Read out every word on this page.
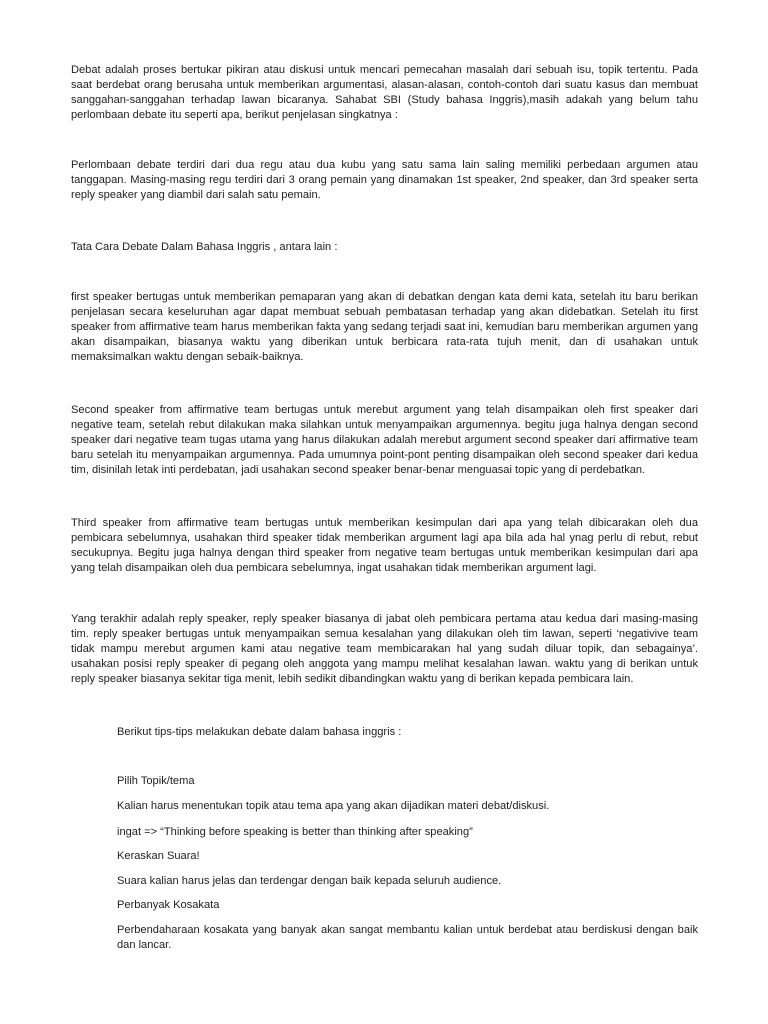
Debat adalah proses bertukar pikiran atau diskusi untuk mencari pemecahan masalah dari sebuah isu, topik tertentu. Pada saat berdebat orang berusaha untuk memberikan argumentasi, alasan-alasan, contoh-contoh dari suatu kasus dan membuat sanggahan-sanggahan terhadap lawan bicaranya. Sahabat SBI (Study bahasa Inggris),masih adakah yang belum tahu perlombaan debate itu seperti apa, berikut penjelasan singkatnya :

Perlombaan debate terdiri dari dua regu atau dua kubu yang satu sama lain saling memiliki perbedaan argumen atau tanggapan. Masing-masing regu terdiri dari 3 orang pemain yang dinamakan 1st speaker, 2nd speaker, dan 3rd speaker serta reply speaker yang diambil dari salah satu pemain.

Tata Cara Debate Dalam Bahasa Inggris , antara lain :

first speaker bertugas untuk memberikan pemaparan yang akan di debatkan dengan kata demi kata, setelah itu baru berikan penjelasan secara keseluruhan agar dapat membuat sebuah pembatasan terhadap yang akan didebatkan. Setelah itu first speaker from affirmative team harus memberikan fakta yang sedang terjadi saat ini, kemudian baru memberikan argumen yang akan disampaikan, biasanya waktu yang diberikan untuk berbicara rata-rata tujuh menit, dan di usahakan untuk memaksimalkan waktu dengan sebaik-baiknya.

Second speaker from affirmative team bertugas untuk merebut argument yang telah disampaikan oleh first speaker dari negative team, setelah rebut dilakukan maka silahkan untuk menyampaikan argumennya. begitu juga halnya dengan second speaker dari negative team tugas utama yang harus dilakukan adalah merebut argument second speaker dari affirmative team baru setelah itu menyampaikan argumennya. Pada umumnya point-pont penting disampaikan oleh second speaker dari kedua tim, disinilah letak inti perdebatan, jadi usahakan second speaker benar-benar menguasai topic yang di perdebatkan.

Third speaker from affirmative team bertugas untuk memberikan kesimpulan dari apa yang telah dibicarakan oleh dua pembicara sebelumnya, usahakan third speaker tidak memberikan argument lagi apa bila ada hal ynag perlu di rebut, rebut secukupnya. Begitu juga halnya dengan third speaker from negative team bertugas untuk memberikan kesimpulan dari apa yang telah disampaikan oleh dua pembicara sebelumnya, ingat usahakan tidak memberikan argument lagi.

Yang terakhir adalah reply speaker, reply speaker biasanya di jabat oleh pembicara pertama atau kedua dari masing-masing tim. reply speaker bertugas untuk menyampaikan semua kesalahan yang dilakukan oleh tim lawan, seperti ‘negativive team tidak mampu merebut argumen kami atau negative team membicarakan hal yang sudah diluar topik, dan sebagainya’. usahakan posisi reply speaker di pegang oleh anggota yang mampu melihat kesalahan lawan. waktu yang di berikan untuk reply speaker biasanya sekitar tiga menit, lebih sedikit dibandingkan waktu yang di berikan kepada pembicara lain.

Berikut tips-tips melakukan debate dalam bahasa inggris :

Pilih Topik/tema

Kalian harus menentukan topik atau tema apa yang akan dijadikan materi debat/diskusi.

ingat => “Thinking before speaking is better than thinking after speaking”

Keraskan Suara!

Suara kalian harus jelas dan terdengar dengan baik kepada seluruh audience.

Perbanyak Kosakata

Perbendaharaan kosakata yang banyak akan sangat membantu kalian untuk berdebat atau berdiskusi dengan baik dan lancar.
